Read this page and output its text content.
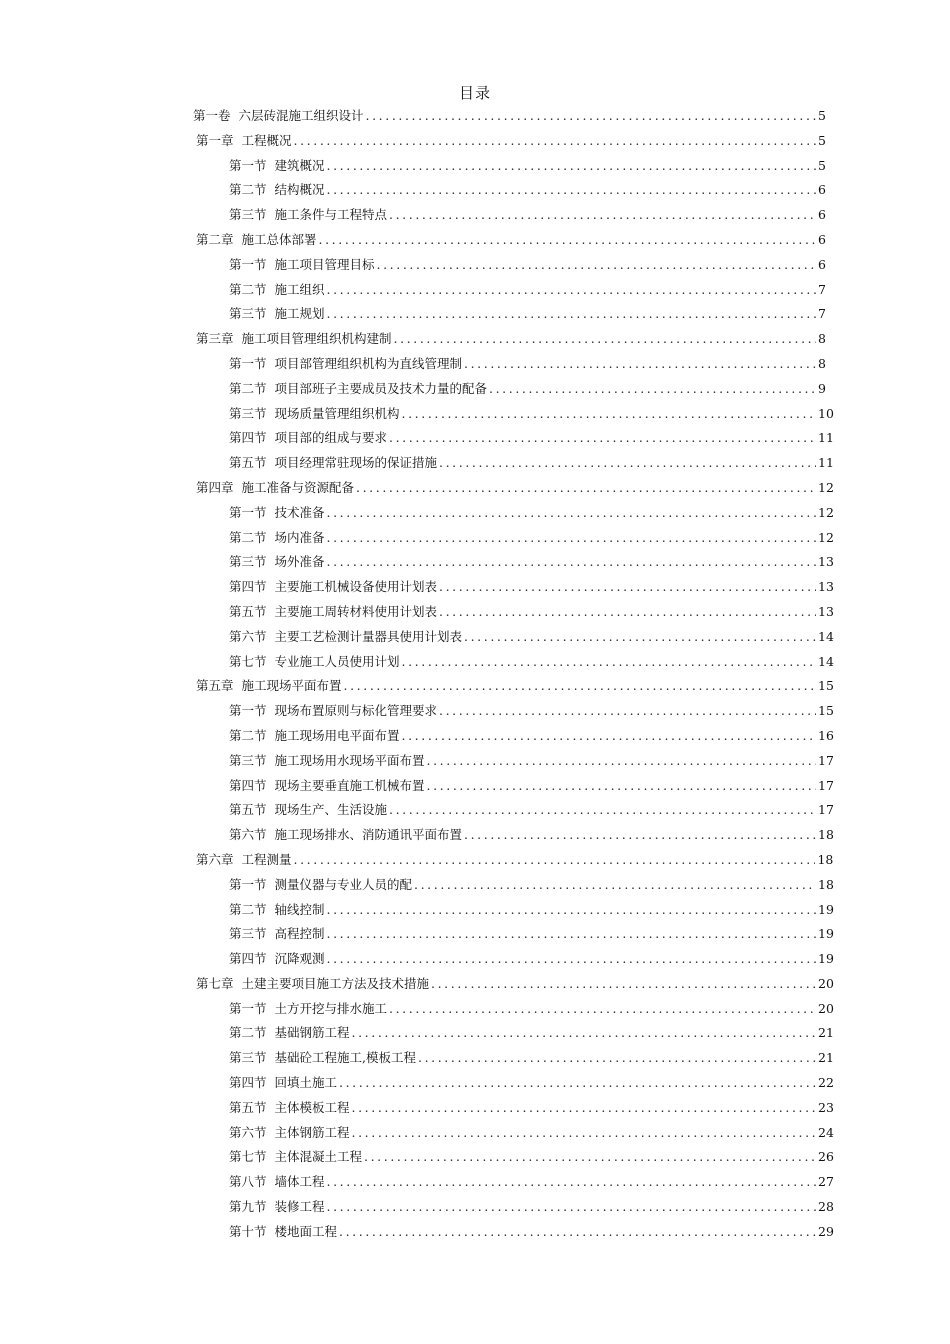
目录
第一卷 六层砖混施工组织设计 .....	5
第一章 工程概况 .....	5
第一节 建筑概况 .....	5
第二节 结构概况 .....	6
第三节 施工条件与工程特点 .....	6
第二章 施工总体部署 .....	6
第一节 施工项目管理目标 .....	6
第二节 施工组织 .....	7
第三节 施工规划 .....	7
第三章 施工项目管理组织机构建制 .....	8
第一节 项目部管理组织机构为直线管理制 .....	8
第二节 项目部班子主要成员及技术力量的配备 .....	9
第三节 现场质量管理组织机构 .....	10
第四节 项目部的组成与要求 .....	11
第五节 项目经理常驻现场的保证措施 .....	11
第四章 施工准备与资源配备 .....	12
第一节 技术准备 .....	12
第二节 场内准备 .....	12
第三节 场外准备 .....	13
第四节 主要施工机械设备使用计划表 .....	13
第五节 主要施工周转材料使用计划表 .....	13
第六节 主要工艺检测计量器具使用计划表 .....	14
第七节 专业施工人员使用计划 .....	14
第五章 施工现场平面布置 .....	15
第一节 现场布置原则与标化管理要求 .....	15
第二节 施工现场用电平面布置 .....	16
第三节 施工现场用水现场平面布置 .....	17
第四节 现场主要垂直施工机械布置 .....	17
第五节 现场生产、生活设施 .....	17
第六节 施工现场排水、消防通讯平面布置 .....	18
第六章 工程测量 .....	18
第一节 测量仪器与专业人员的配 .....	18
第二节 轴线控制 .....	19
第三节 高程控制 .....	19
第四节 沉降观测 .....	19
第七章 土建主要项目施工方法及技术措施 .....	20
第一节 土方开挖与排水施工 .....	20
第二节 基础钢筋工程 .....	21
第三节 基础砼工程施工,模板工程 .....	21
第四节 回填土施工 .....	22
第五节 主体模板工程 .....	23
第六节 主体钢筋工程 .....	24
第七节 主体混凝土工程 .....	26
第八节 墙体工程 .....	27
第九节 装修工程 .....	28
第十节 楼地面工程 .....	29
